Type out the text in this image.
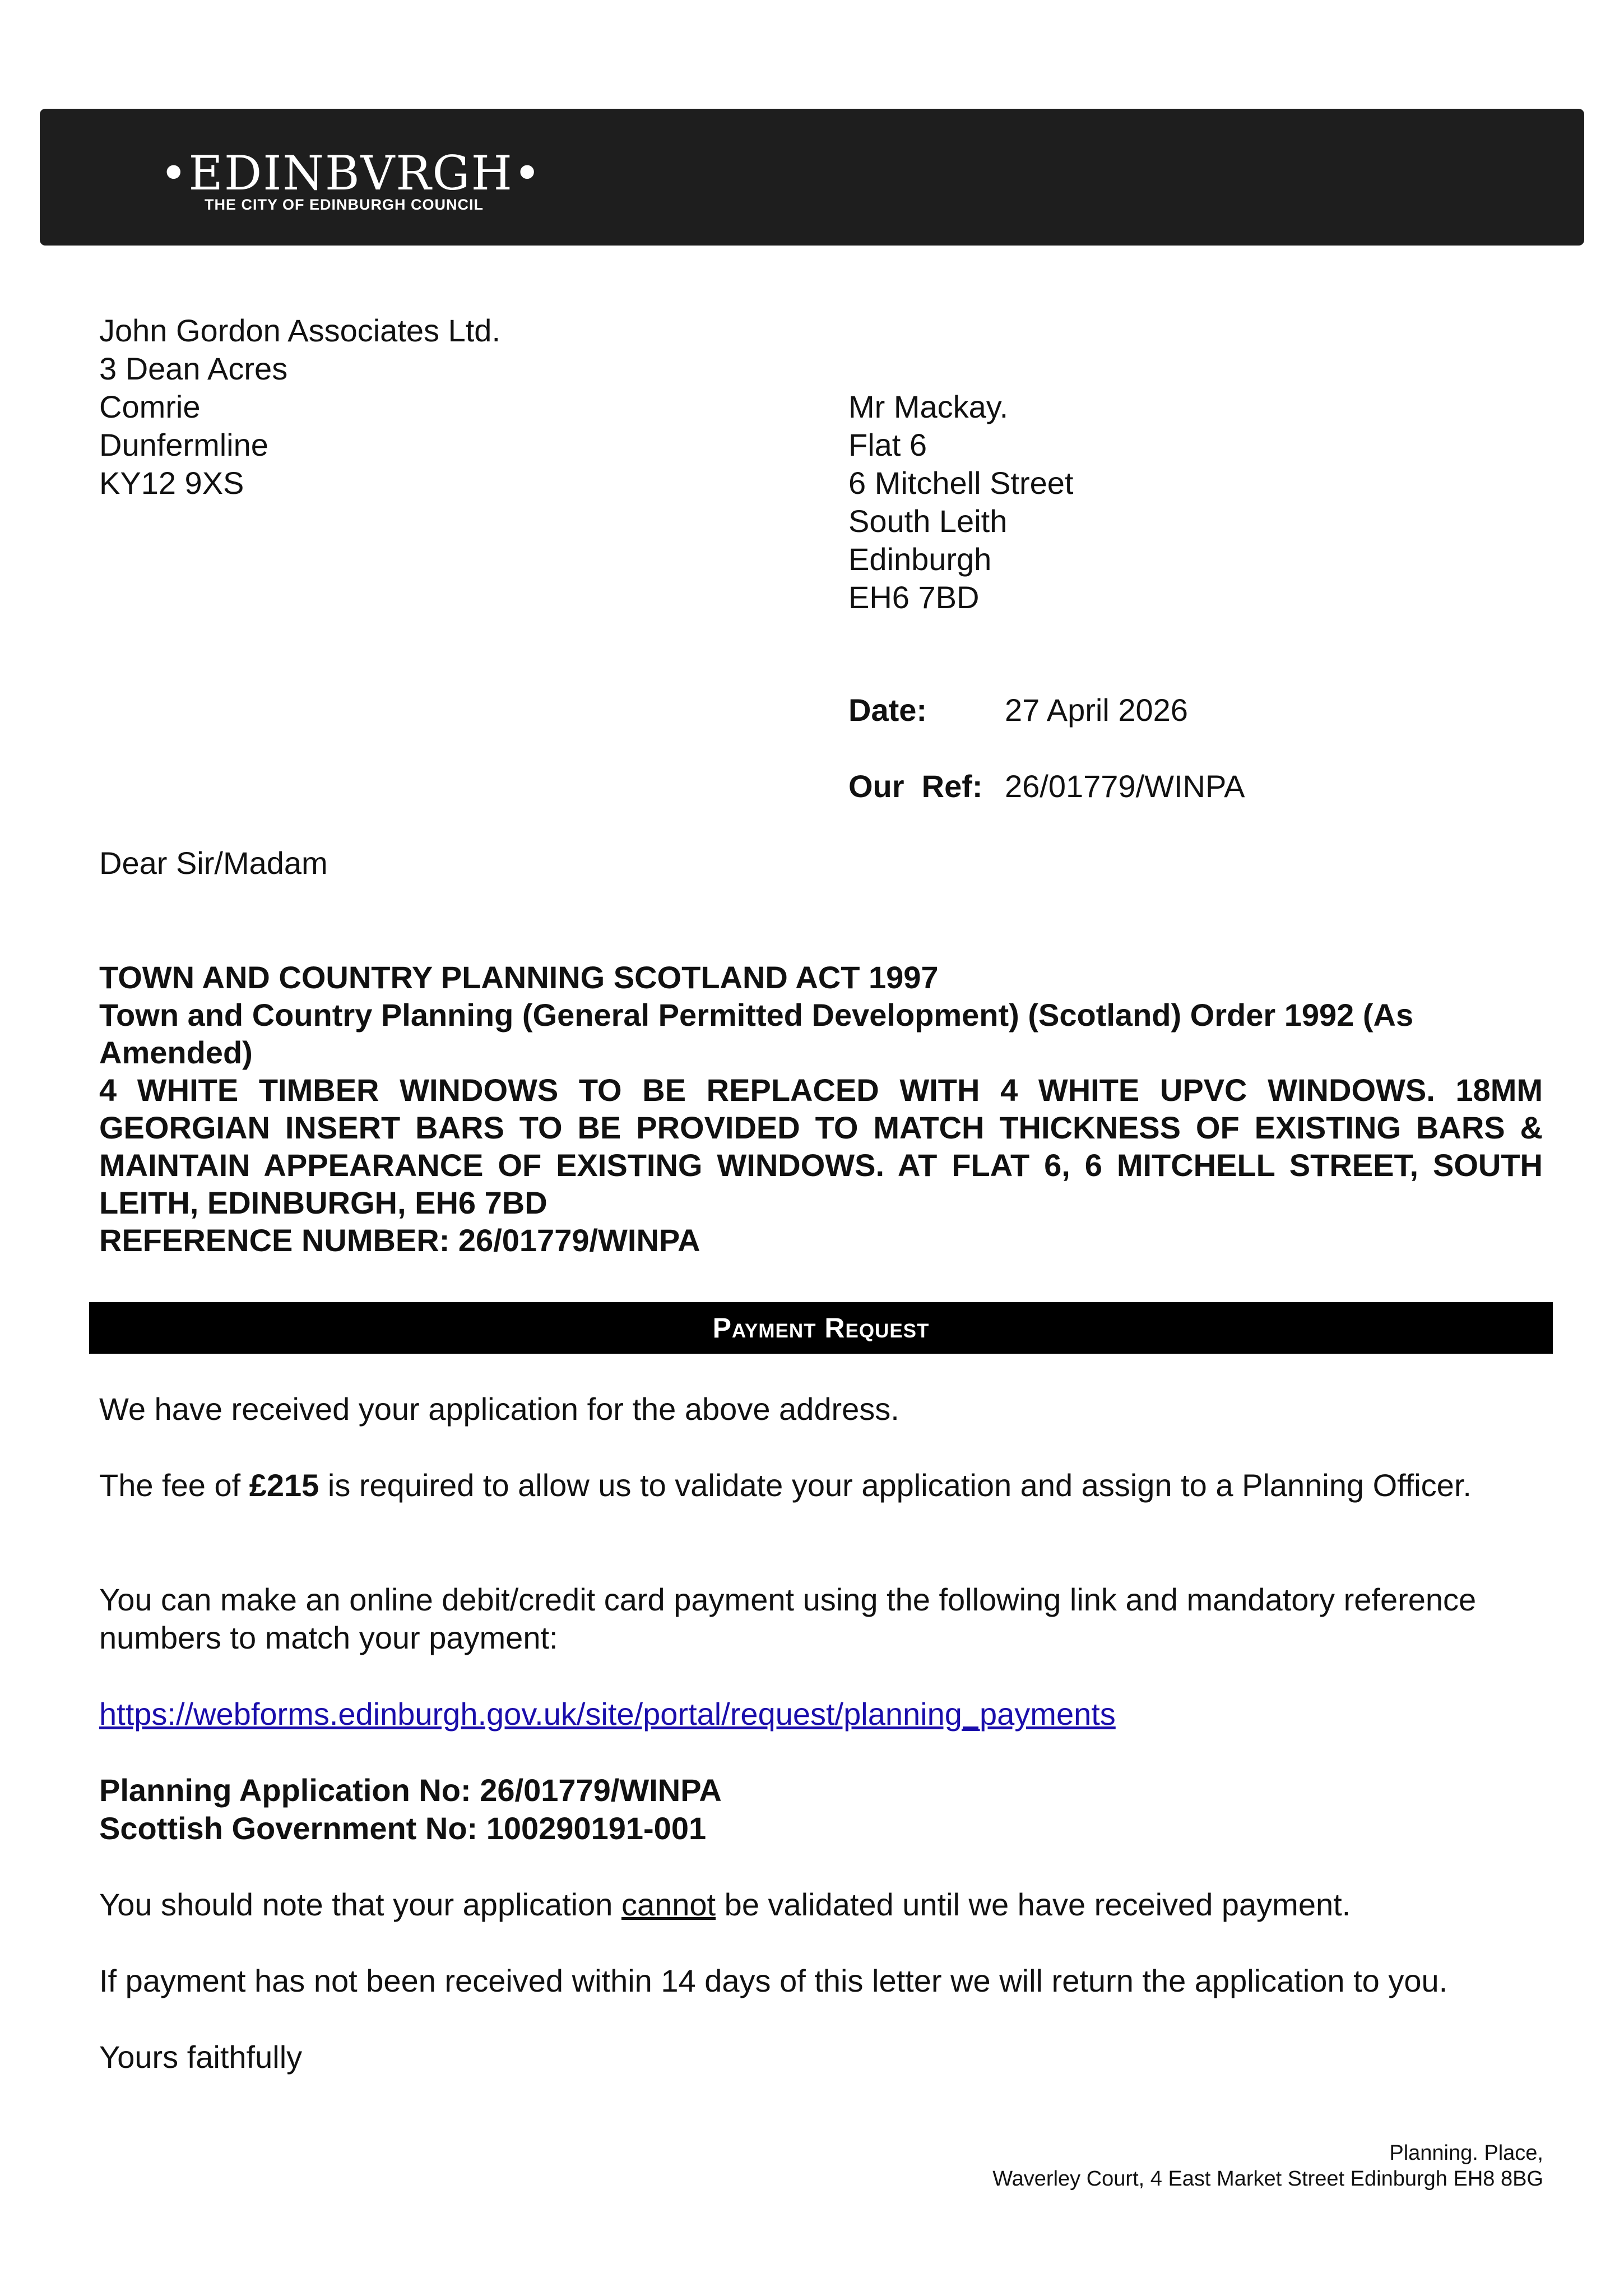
•EDINBVRGH•
THE CITY OF EDINBURGH COUNCIL
John Gordon Associates Ltd.
3 Dean Acres
Comrie
Dunfermline
KY12 9XS
Mr Mackay.
Flat 6
6 Mitchell Street
South Leith
Edinburgh
EH6 7BD
Date: 27 April 2026
Our  Ref: 26/01779/WINPA
Dear Sir/Madam
TOWN AND COUNTRY PLANNING SCOTLAND ACT 1997
Town and Country Planning (General Permitted Development) (Scotland) Order 1992 (As Amended)
4 WHITE TIMBER WINDOWS TO BE REPLACED WITH 4 WHITE UPVC WINDOWS. 18MM GEORGIAN INSERT BARS TO BE PROVIDED TO MATCH THICKNESS OF EXISTING BARS & MAINTAIN APPEARANCE OF EXISTING WINDOWS. AT FLAT 6, 6 MITCHELL STREET, SOUTH LEITH, EDINBURGH, EH6 7BD
REFERENCE NUMBER: 26/01779/WINPA
Payment Request
We have received your application for the above address.
The fee of £215 is required to allow us to validate your application and assign to a Planning Officer.
You can make an online debit/credit card payment using the following link and mandatory reference numbers to match your payment:
https://webforms.edinburgh.gov.uk/site/portal/request/planning_payments
Planning Application No: 26/01779/WINPA
Scottish Government No: 100290191-001
You should note that your application cannot be validated until we have received payment.
If payment has not been received within 14 days of this letter we will return the application to you.
Yours faithfully
Planning. Place,
Waverley Court, 4 East Market Street Edinburgh EH8 8BG
